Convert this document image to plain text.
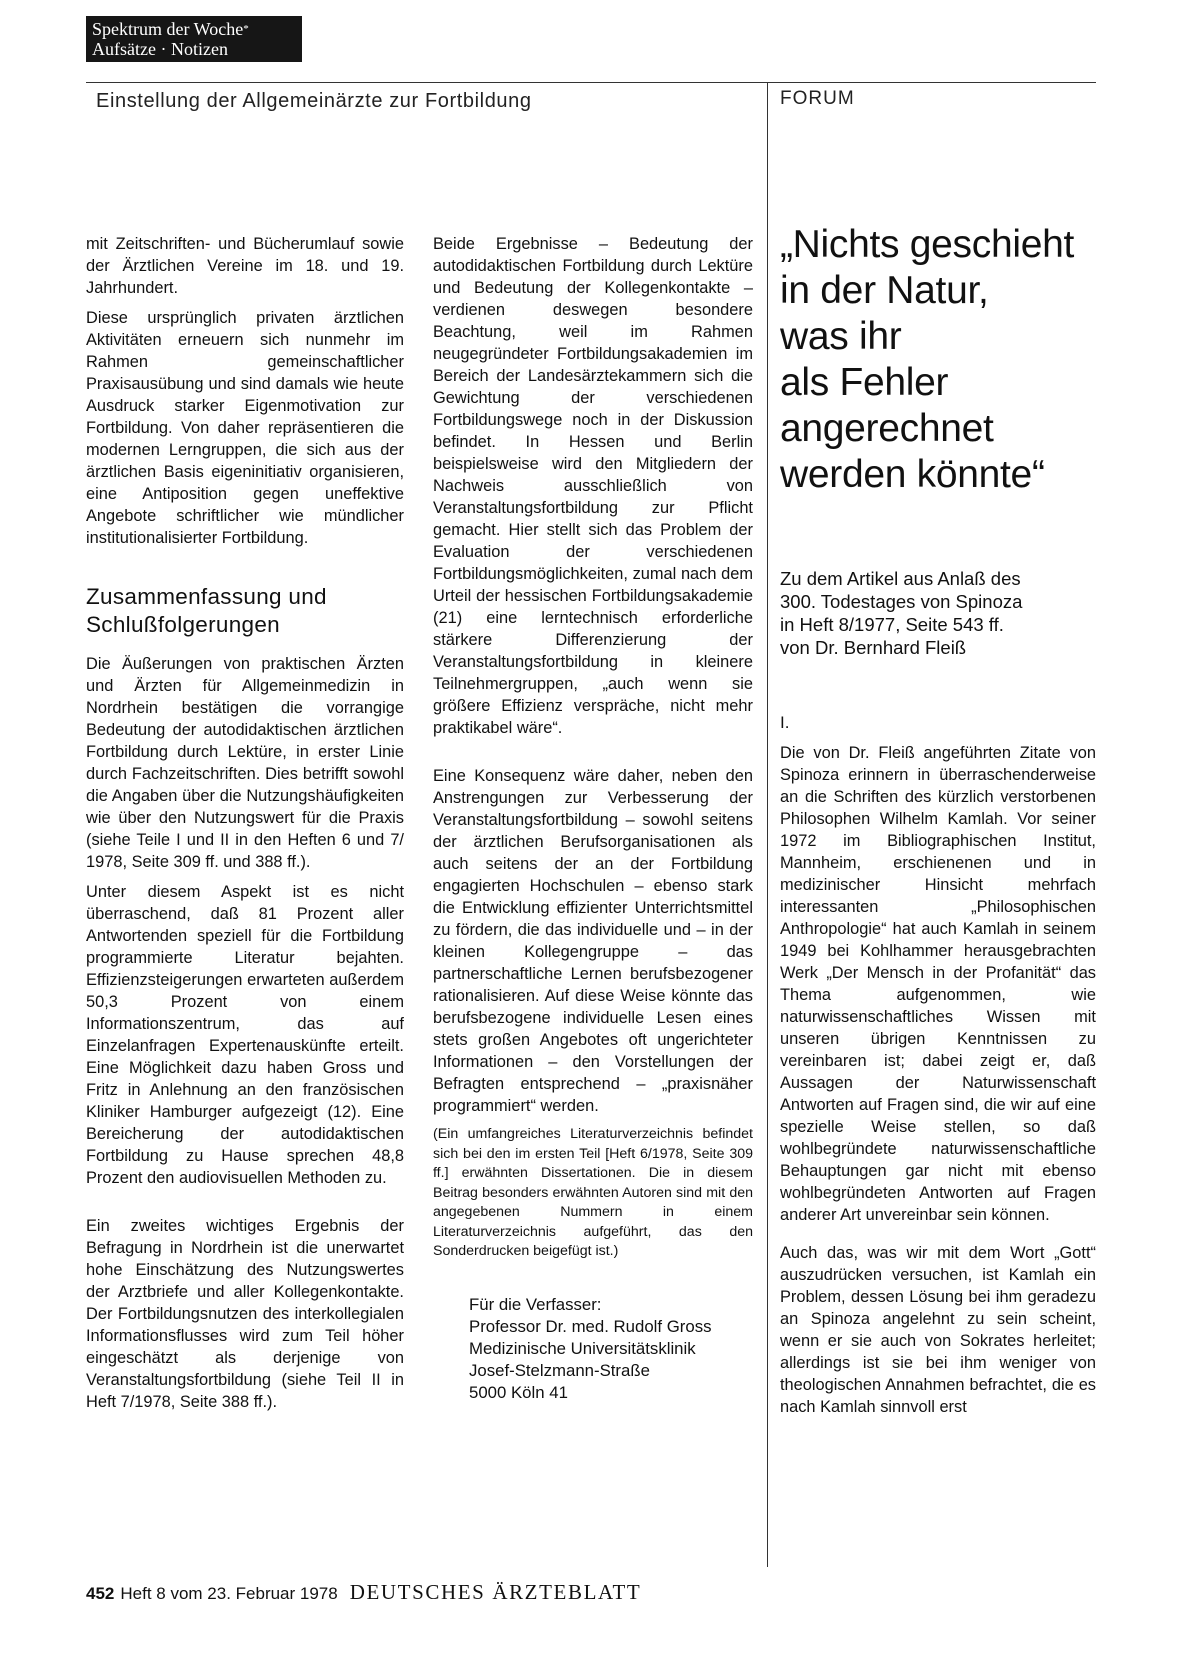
Spektrum der Woche*
Aufsätze · Notizen
Einstellung der Allgemeinärzte zur Fortbildung	FORUM

mit Zeitschriften- und Bücherumlauf sowie der Ärztlichen Vereine im 18. und 19. Jahrhundert.

Diese ursprünglich privaten ärztlichen Aktivitäten erneuern sich nunmehr im Rahmen gemeinschaftlicher Praxisausübung und sind damals wie heute Ausdruck starker Eigenmotivation zur Fortbildung. Von daher repräsentieren die modernen Lerngruppen, die sich aus der ärztlichen Basis eigeninitiativ organisieren, eine Antiposition gegen uneffektive Angebote schriftlicher wie mündlicher institutionalisierter Fortbildung.

Zusammenfassung und Schlußfolgerungen

Die Äußerungen von praktischen Ärzten und Ärzten für Allgemeinmedizin in Nordrhein bestätigen die vorrangige Bedeutung der autodidaktischen ärztlichen Fortbildung durch Lektüre, in erster Linie durch Fachzeitschriften. Dies betrifft sowohl die Angaben über die Nutzungshäufigkeiten wie über den Nutzungswert für die Praxis (siehe Teile I und II in den Heften 6 und 7/ 1978, Seite 309 ff. und 388 ff.).

Unter diesem Aspekt ist es nicht überraschend, daß 81 Prozent aller Antwortenden speziell für die Fortbildung programmierte Literatur bejahten. Effizienzsteigerungen erwarteten außerdem 50,3 Prozent von einem Informationszentrum, das auf Einzelanfragen Expertenauskünfte erteilt. Eine Möglichkeit dazu haben Gross und Fritz in Anlehnung an den französischen Kliniker Hamburger aufgezeigt (12). Eine Bereicherung der autodidaktischen Fortbildung zu Hause sprechen 48,8 Prozent den audiovisuellen Methoden zu.

Ein zweites wichtiges Ergebnis der Befragung in Nordrhein ist die unerwartet hohe Einschätzung des Nutzungswertes der Arztbriefe und aller Kollegenkontakte. Der Fortbildungsnutzen des interkollegialen Informationsflusses wird zum Teil höher eingeschätzt als derjenige von Veranstaltungsfortbildung (siehe Teil II in Heft 7/1978, Seite 388 ff.).

Beide Ergebnisse – Bedeutung der autodidaktischen Fortbildung durch Lektüre und Bedeutung der Kollegenkontakte – verdienen deswegen besondere Beachtung, weil im Rahmen neugegründeter Fortbildungsakademien im Bereich der Landesärztekammern sich die Gewichtung der verschiedenen Fortbildungswege noch in der Diskussion befindet. In Hessen und Berlin beispielsweise wird den Mitgliedern der Nachweis ausschließlich von Veranstaltungsfortbildung zur Pflicht gemacht. Hier stellt sich das Problem der Evaluation der verschiedenen Fortbildungsmöglichkeiten, zumal nach dem Urteil der hessischen Fortbildungsakademie (21) eine lerntechnisch erforderliche stärkere Differenzierung der Veranstaltungsfortbildung in kleinere Teilnehmergruppen, „auch wenn sie größere Effizienz verspräche, nicht mehr praktikabel wäre“.

Eine Konsequenz wäre daher, neben den Anstrengungen zur Verbesserung der Veranstaltungsfortbildung – sowohl seitens der ärztlichen Berufsorganisationen als auch seitens der an der Fortbildung engagierten Hochschulen – ebenso stark die Entwicklung effizienter Unterrichtsmittel zu fördern, die das individuelle und – in der kleinen Kollegengruppe – das partnerschaftliche Lernen berufsbezogener rationalisieren. Auf diese Weise könnte das berufsbezogene individuelle Lesen eines stets großen Angebotes oft ungerichteter Informationen – den Vorstellungen der Befragten entsprechend – „praxisnäher programmiert“ werden.

(Ein umfangreiches Literaturverzeichnis befindet sich bei den im ersten Teil [Heft 6/1978, Seite 309 ff.] erwähnten Dissertationen. Die in diesem Beitrag besonders erwähnten Autoren sind mit den angegebenen Nummern in einem Literaturverzeichnis aufgeführt, das den Sonderdrucken beigefügt ist.)

Für die Verfasser:
Professor Dr. med. Rudolf Gross
Medizinische Universitätsklinik
Josef-Stelzmann-Straße
5000 Köln 41
„Nichts geschieht
in der Natur,
was ihr
als Fehler
angerechnet
werden könnte“
Zu dem Artikel aus Anlaß des
300. Todestages von Spinoza
in Heft 8/1977, Seite 543 ff.
von Dr. Bernhard Fleiß

I.

Die von Dr. Fleiß angeführten Zitate von Spinoza erinnern in überraschenderweise an die Schriften des kürzlich verstorbenen Philosophen Wilhelm Kamlah. Vor seiner 1972 im Bibliographischen Institut, Mannheim, erschienenen und in medizinischer Hinsicht mehrfach interessanten „Philosophischen Anthropologie“ hat auch Kamlah in seinem 1949 bei Kohlhammer herausgebrachten Werk „Der Mensch in der Profanität“ das Thema aufgenommen, wie naturwissenschaftliches Wissen mit unseren übrigen Kenntnissen zu vereinbaren ist; dabei zeigt er, daß Aussagen der Naturwissenschaft Antworten auf Fragen sind, die wir auf eine spezielle Weise stellen, so daß wohlbegründete naturwissenschaftliche Behauptungen gar nicht mit ebenso wohlbegründeten Antworten auf Fragen anderer Art unvereinbar sein können.

Auch das, was wir mit dem Wort „Gott“ auszudrücken versuchen, ist Kamlah ein Problem, dessen Lösung bei ihm geradezu an Spinoza angelehnt zu sein scheint, wenn er sie auch von Sokrates herleitet; allerdings ist sie bei ihm weniger von theologischen Annahmen befrachtet, die es nach Kamlah sinnvoll erst

452 Heft 8 vom 23. Februar 1978 DEUTSCHES ÄRZTEBLATT
